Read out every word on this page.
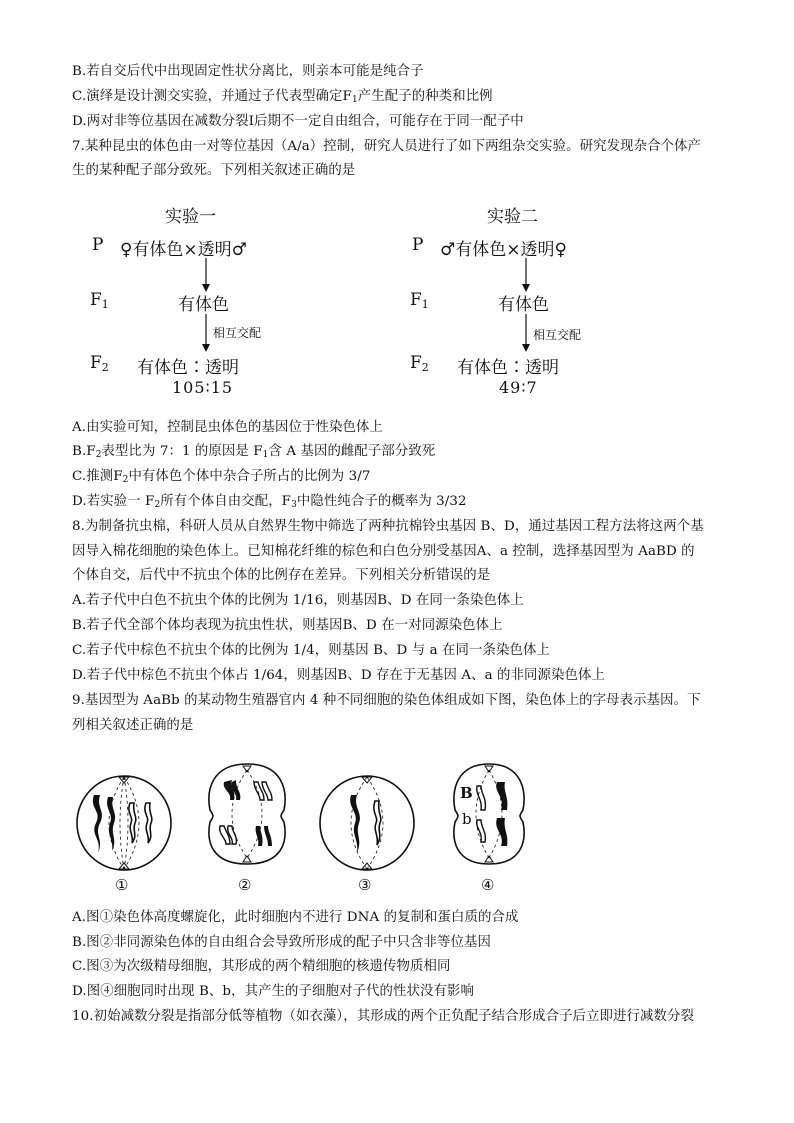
B.若自交后代中出现固定性状分离比，则亲本可能是纯合子
C.演绎是设计测交实验，并通过子代表型确定$F_1$产生配子的种类和比例
D.两对非等位基因在减数分裂Ⅰ后期不一定自由组合，可能存在于同一配子中
7.某种昆虫的体色由一对等位基因（A/a）控制，研究人员进行了如下两组杂交实验。研究发现杂合个体产
生的某种配子部分致死。下列相关叙述正确的是
实验一
P ♀有体色×透明♂
F1	有体色
相互交配
F2 有体色∶透明
105∶15
实验二
P ♂有体色×透明♀
F1	有体色
相互交配
F2 有体色∶透明
49∶7
A.由实验可知，控制昆虫体色的基因位于性染色体上
$B.F_2$表型比为 7：1 的原因是 $F_1$含 A 基因的雌配子部分致死
C.推测$F_2$中有体色个体中杂合子所占的比例为 3/7
D.若实验一 $F_2$所有个体自由交配，$F_3$中隐性纯合子的概率为 3/32
8.为制备抗虫棉，科研人员从自然界生物中筛选了两种抗棉铃虫基因 B、D，通过基因工程方法将这两个基
因导入棉花细胞的染色体上。已知棉花纤维的棕色和白色分别受基因A、a 控制，选择基因型为 AaBD 的
个体自交，后代中不抗虫个体的比例存在差异。下列相关分析错误的是
A.若子代中白色不抗虫个体的比例为 1/16，则基因B、D 在同一条染色体上
B.若子代全部个体均表现为抗虫性状，则基因B、D 在一对同源染色体上
C.若子代中棕色不抗虫个体的比例为 1/4，则基因 B、D 与 a 在同一条染色体上
D.若子代中棕色不抗虫个体占 1/64，则基因B、D 存在于无基因 A、a 的非同源染色体上
9.基因型为 AaBb 的某动物生殖器官内 4 种不同细胞的染色体组成如下图，染色体上的字母表示基因。下
列相关叙述正确的是
①	②	③
B
b
④
A.图①染色体高度螺旋化，此时细胞内不进行 DNA 的复制和蛋白质的合成
B.图②非同源染色体的自由组合会导致所形成的配子中只含非等位基因
C.图③为次级精母细胞，其形成的两个精细胞的核遗传物质相同
D.图④细胞同时出现 B、b，其产生的子细胞对子代的性状没有影响
10.初始减数分裂是指部分低等植物（如衣藻），其形成的两个正负配子结合形成合子后立即进行减数分裂
